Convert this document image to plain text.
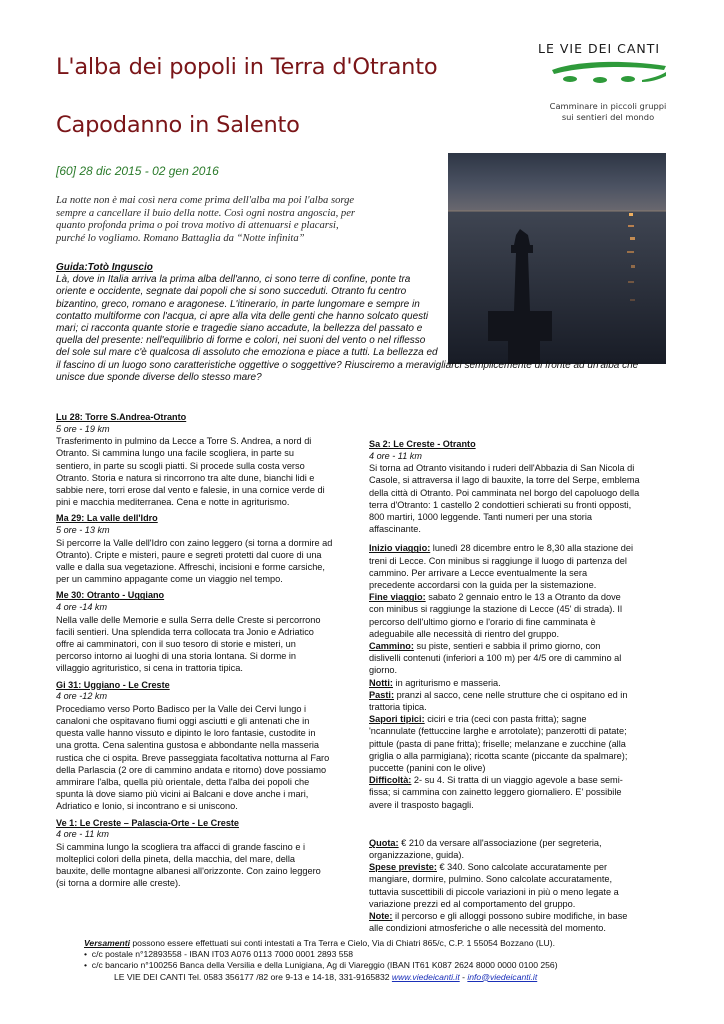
LE VIE DEI CANTI
Camminare in piccoli gruppi
sui sentieri del mondo
L'alba dei popoli in Terra d'Otranto
Capodanno in Salento
[60] 28 dic 2015 - 02 gen 2016
La notte non è mai così nera come prima dell'alba ma poi l'alba sorge
sempre a cancellare il buio della notte. Così ogni nostra angoscia, per
quanto profonda prima o poi trova motivo di attenuarsi e placarsi,
purché lo vogliamo. Romano Battaglia da “Notte infinita”
Guida:Totò Inguscio
Là, dove in Italia arriva la prima alba dell'anno, ci sono terre di confine, ponte tra
oriente e occidente, segnate dai popoli che si sono succeduti. Otranto fu centro
bizantino, greco, romano e aragonese. L'itinerario, in parte lungomare e sempre in
contatto multiforme con l'acqua, ci apre alla vita delle genti che hanno solcato questi
mari; ci racconta quante storie e tragedie siano accadute, la bellezza del passato e
quella del presente: nell'equilibrio di forme e colori, nei suoni del vento o nel riflesso
del sole sul mare c'è qualcosa di assoluto che emoziona e piace a tutti. La bellezza ed
il fascino di un luogo sono caratteristiche oggettive o soggettive? Riusciremo a meravigliarci semplicemente di fronte ad un'alba che
unisce due sponde diverse dello stesso mare?
Lu 28: Torre S.Andrea-Otranto
5 ore - 19 km
Trasferimento in pulmino da Lecce a Torre S. Andrea, a nord di
Otranto. Si cammina lungo una facile scogliera, in parte su
sentiero, in parte su scogli piatti. Si procede sulla costa verso
Otranto. Storia e natura si rincorrono tra alte dune, bianchi lidi e
sabbie nere, torri erose dal vento e falesie, in una cornice verde di
pini e macchia mediterranea. Cena e notte in agriturismo.
Ma 29: La valle dell'Idro
5 ore - 13 km
Si percorre la Valle dell'Idro con zaino leggero (si torna a dormire ad
Otranto). Cripte e misteri, paure e segreti protetti dal cuore di una
valle e dalla sua vegetazione. Affreschi, incisioni e forme carsiche,
per un cammino appagante come un viaggio nel tempo.
Me 30: Otranto - Uggiano
4 ore -14 km
Nella valle delle Memorie e sulla Serra delle Creste si percorrono
facili sentieri. Una splendida terra collocata tra Jonio e Adriatico
offre ai camminatori, con il suo tesoro di storie e misteri, un
percorso intorno ai luoghi di una storia lontana. Si dorme in
villaggio agrituristico, si cena in trattoria tipica.
Gi 31: Uggiano - Le Creste
4 ore -12 km
Procediamo verso Porto Badisco per la Valle dei Cervi lungo i
canaloni che ospitavano fiumi oggi asciutti e gli antenati che in
questa valle hanno vissuto e dipinto le loro fantasie, custodite in
una grotta. Cena salentina gustosa e abbondante nella masseria
rustica che ci ospita. Breve passeggiata facoltativa notturna al Faro
della Parlascia (2 ore di cammino andata e ritorno) dove possiamo
ammirare l'alba, quella più orientale, detta l'alba dei popoli che
spunta là dove siamo più vicini ai Balcani e dove anche i mari,
Adriatico e Ionio, si incontrano e si uniscono.
Ve 1: Le Creste – Palascia-Orte - Le Creste
4 ore - 11 km
Si cammina lungo la scogliera tra affacci di grande fascino e i
molteplici colori della pineta, della macchia, del mare, della
bauxite, delle montagne albanesi all'orizzonte. Con zaino leggero
(si torna a dormire alle creste).
Sa 2: Le Creste - Otranto
4 ore - 11 km
Si torna ad Otranto visitando i ruderi dell'Abbazia di San Nicola di
Casole, si attraversa il lago di bauxite, la torre del Serpe, emblema
della città di Otranto. Poi camminata nel borgo del capoluogo della
terra d'Otranto: 1 castello 2 condottieri schierati su fronti opposti,
800 martiri, 1000 leggende. Tanti numeri per una storia
affascinante.
Inizio viaggio: lunedì 28 dicembre entro le 8,30 alla stazione dei
treni di Lecce. Con minibus si raggiunge il luogo di partenza del
cammino. Per arrivare a Lecce eventualmente la sera
precedente accordarsi con la guida per la sistemazione.
Fine viaggio: sabato 2 gennaio entro le 13 a Otranto da dove
con minibus si raggiunge la stazione di Lecce (45' di strada). Il
percorso dell'ultimo giorno e l'orario di fine camminata è
adeguabile alle necessità di rientro del gruppo.
Cammino: su piste, sentieri e sabbia il primo giorno, con
dislivelli contenuti (inferiori a 100 m) per 4/5 ore di cammino al
giorno.
Notti: in agriturismo e masseria.
Pasti: pranzi al sacco, cene nelle strutture che ci ospitano ed in
trattoria tipica.
Sapori tipici: ciciri e tria (ceci con pasta fritta); sagne
'ncannulate (fettuccine larghe e arrotolate); panzerotti di patate;
pittule (pasta di pane fritta); friselle; melanzane e zucchine (alla
griglia o alla parmigiana); ricotta scante (piccante da spalmare);
puccette (panini con le olive)
Difficoltà: 2- su 4. Si tratta di un viaggio agevole a base semi-
fissa; si cammina con zainetto leggero giornaliero. E' possibile
avere il trasposto bagagli.
Quota: € 210 da versare all'associazione (per segreteria,
organizzazione, guida).
Spese previste: € 340. Sono calcolate accuratamente per
mangiare, dormire, pulmino. Sono calcolate accuratamente,
tuttavia suscettibili di piccole variazioni in più o meno legate a
variazione prezzi ed al comportamento del gruppo.
Note: il percorso e gli alloggi possono subire modifiche, in base
alle condizioni atmosferiche o alle necessità del momento.
Versamenti possono essere effettuati sui conti intestati a Tra Terra e Cielo, Via di Chiatri 865/c, C.P. 1 55054 Bozzano (LU).
•  c/c postale n°12893558 - IBAN IT03 A076 0113 7000 0001 2893 558
•  c/c bancario n°100256 Banca della Versilia e della Lunigiana, Ag di Viareggio (IBAN IT61 K087 2624 8000 0000 0100 256)
LE VIE DEI CANTI Tel. 0583 356177 /82 ore 9-13 e 14-18, 331-9165832 www.viedeicanti.it - info@viedeicanti.it
